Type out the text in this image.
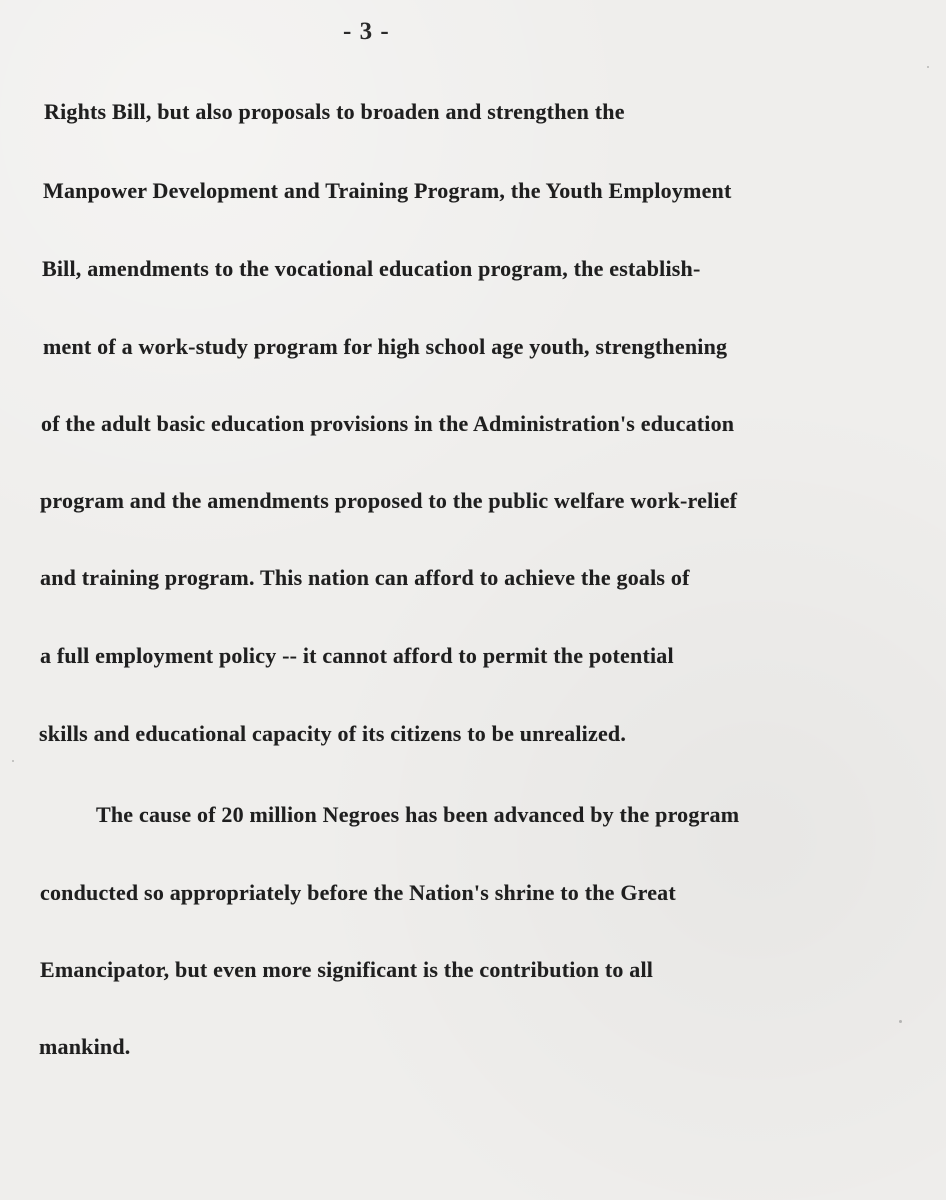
- 3 -
Rights Bill, but also proposals to broaden and strengthen the
Manpower Development and Training Program, the Youth Employment
Bill, amendments to the vocational education program, the establish-
ment of a work-study program for high school age youth, strengthening
of the adult basic education provisions in the Administration's education
program and the amendments proposed to the public welfare work-relief
and training program. This nation can afford to achieve the goals of
a full employment policy -- it cannot afford to permit the potential
skills and educational capacity of its citizens to be unrealized.
The cause of 20 million Negroes has been advanced by the program
conducted so appropriately before the Nation's shrine to the Great
Emancipator, but even more significant is the contribution to all
mankind.
